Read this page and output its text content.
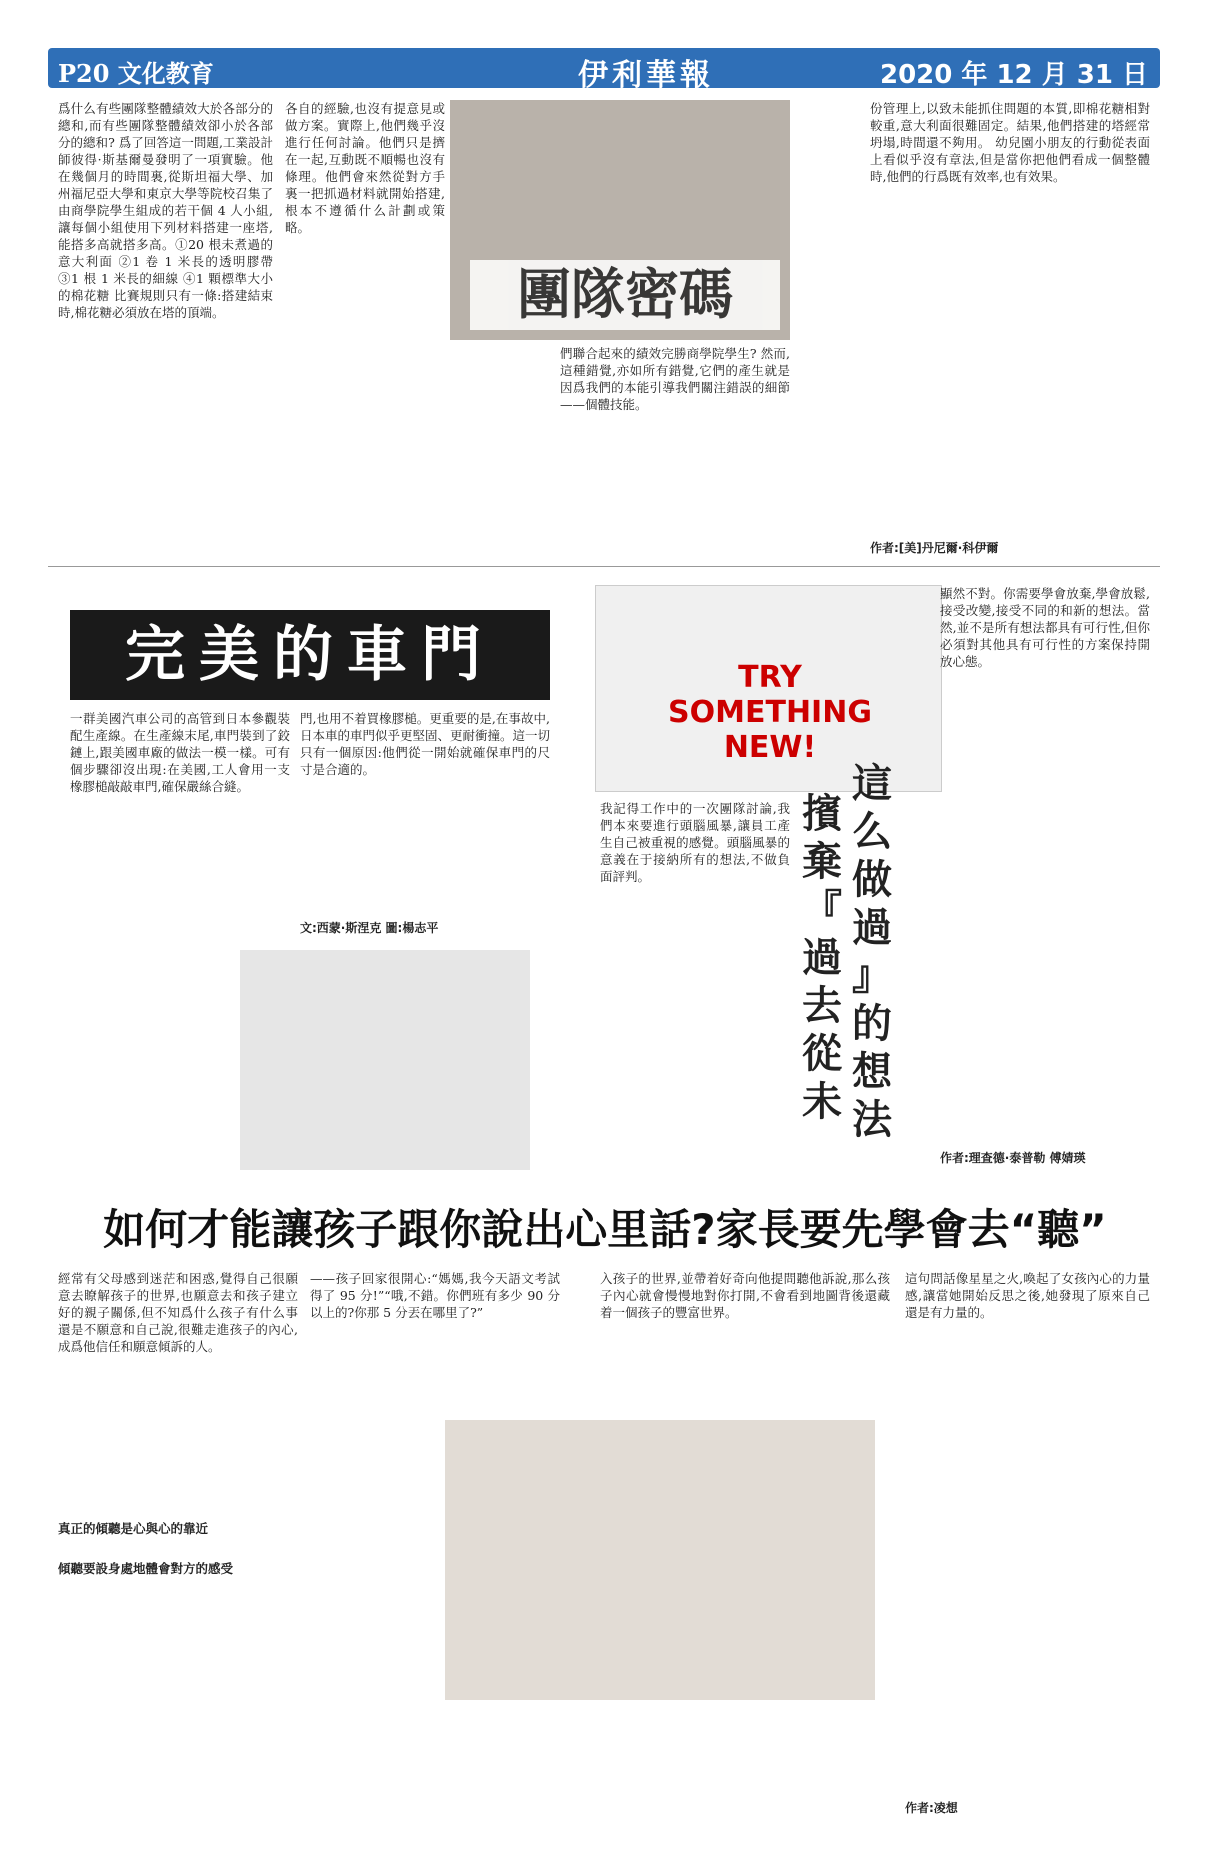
P20 文化教育	伊利華報	2020 年 12 月 31 日
爲什么有些團隊整體績效大於各部分的總和,而有些團隊整體績效卻小於各部分的總和? 爲了回答這一問題,工業設計師彼得·斯基爾曼發明了一項實驗。他在幾個月的時間裏,從斯坦福大學、加州福尼亞大學和東京大學等院校召集了由商學院學生組成的若干個 4 人小組,讓每個小組使用下列材料搭建一座塔,能搭多高就搭多高。①20 根未煮過的意大利面 ②1 卷 1 米長的透明膠帶 ③1 根 1 米長的細線 ④1 顆標準大小的棉花糖 比賽規則只有一條:搭建結束時,棉花糖必須放在塔的頂端。
各自的經驗,也沒有提意見或做方案。實際上,他們幾乎沒進行任何討論。他們只是擠在一起,互動既不順暢也沒有條理。他們會來然從對方手裏一把抓過材料就開始搭建,根本不遵循什么計劃或策略。
團隊密碼
們聯合起來的績效完勝商學院學生? 然而,這種錯覺,亦如所有錯覺,它們的產生就是因爲我們的本能引導我們關注錯誤的細節——個體技能。
份管理上,以致未能抓住問題的本質,即棉花糖相對較重,意大利面很難固定。結果,他們搭建的塔經常坍塌,時間還不夠用。 幼兒園小朋友的行動從表面上看似乎沒有章法,但是當你把他們看成一個整體時,他們的行爲既有效率,也有效果。
作者:[美]丹尼爾·科伊爾
完美的車門
一群美國汽車公司的高管到日本參觀裝配生產線。在生產線末尾,車門裝到了鉸鏈上,跟美國車廠的做法一模一樣。可有個步驟卻沒出現:在美國,工人會用一支橡膠槌敲敲車門,確保嚴絲合縫。
門,也用不着買橡膠槌。更重要的是,在事故中,日本車的車門似乎更堅固、更耐衝撞。這一切只有一個原因:他們從一開始就確保車門的尺寸是合適的。
文:西蒙·斯涅克 圖:楊志平
TRY SOMETHING NEW!
我記得工作中的一次團隊討論,我們本來要進行頭腦風暴,讓員工產生自己被重視的感覺。頭腦風暴的意義在于接納所有的想法,不做負面評判。
擯
棄
『
過
去
從
未
這
么
做
過
』
的
想
法
顯然不對。你需要學會放棄,學會放鬆,接受改變,接受不同的和新的想法。當然,並不是所有想法都具有可行性,但你必須對其他具有可行性的方案保持開放心態。
作者:理查德·泰普勒 傅婧瑛
如何才能讓孩子跟你說出心里話?家長要先學會去“聽”
經常有父母感到迷茫和困惑,覺得自己很願意去瞭解孩子的世界,也願意去和孩子建立好的親子關係,但不知爲什么孩子有什么事還是不願意和自己說,很難走進孩子的內心,成爲他信任和願意傾訴的人。
真正的傾聽是心與心的靠近
傾聽要設身處地體會對方的感受
——孩子回家很開心:“媽媽,我今天語文考試得了 95 分!”“哦,不錯。你們班有多少 90 分以上的?你那 5 分丟在哪里了?”
入孩子的世界,並帶着好奇向他提問聽他訴說,那么孩子內心就會慢慢地對你打開,不會看到地圖背後還藏着一個孩子的豐富世界。
這句問話像星星之火,喚起了女孩內心的力量感,讓當她開始反思之後,她發現了原來自己還是有力量的。
作者:凌想
